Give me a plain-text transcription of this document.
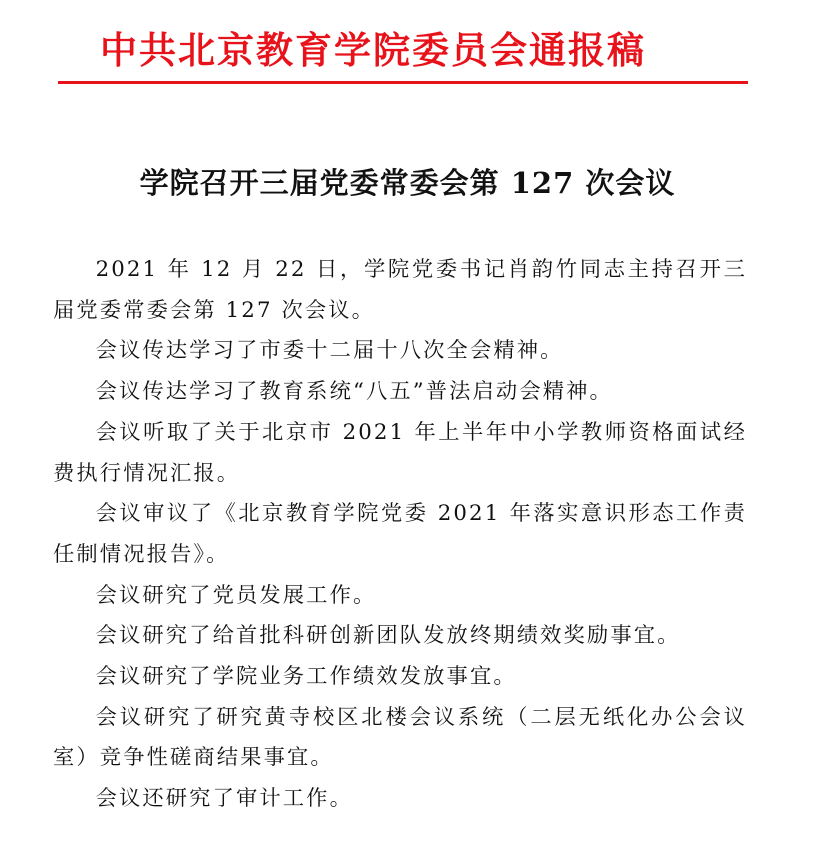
中共北京教育学院委员会通报稿
学院召开三届党委常委会第 127 次会议

2021 年 12 月 22 日，学院党委书记肖韵竹同志主持召开三届党委常委会第 127 次会议。

会议传达学习了市委十二届十八次全会精神。

会议传达学习了教育系统“八五”普法启动会精神。

会议听取了关于北京市 2021 年上半年中小学教师资格面试经费执行情况汇报。

会议审议了《北京教育学院党委 2021 年落实意识形态工作责任制情况报告》。

会议研究了党员发展工作。

会议研究了给首批科研创新团队发放终期绩效奖励事宜。

会议研究了学院业务工作绩效发放事宜。

会议研究了研究黄寺校区北楼会议系统（二层无纸化办公会议室）竞争性磋商结果事宜。

会议还研究了审计工作。
